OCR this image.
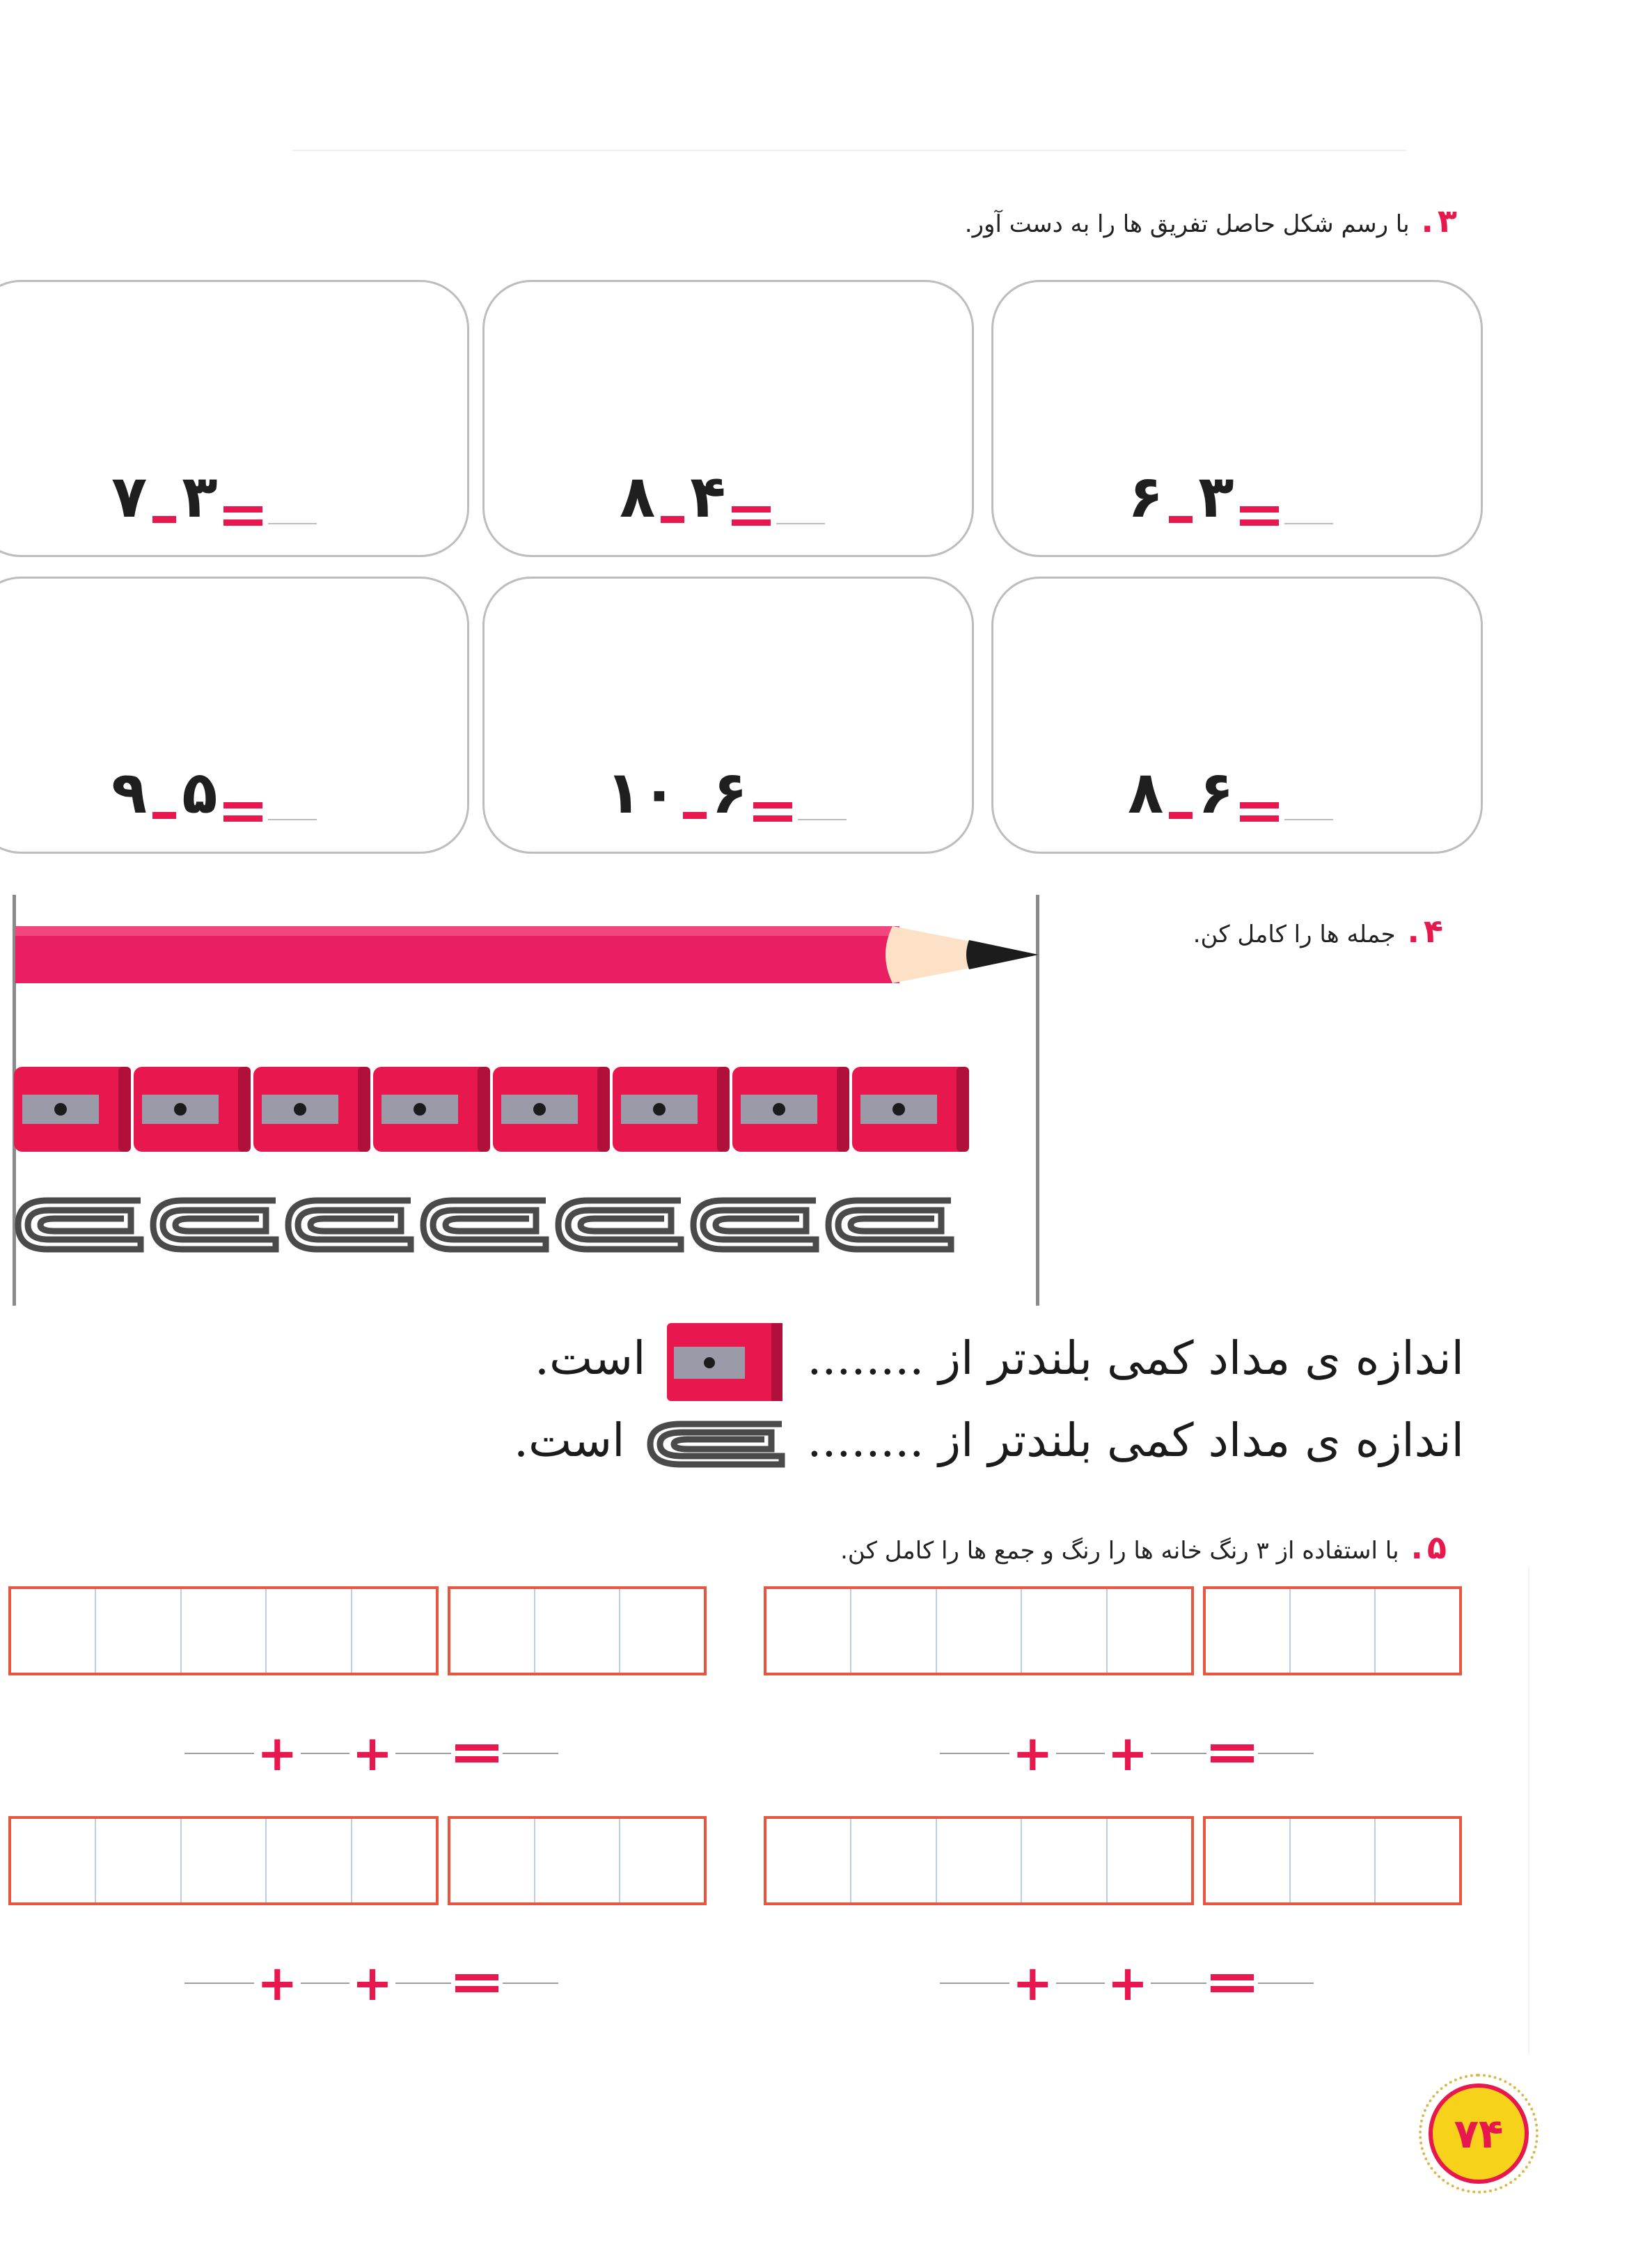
۳. با رسم شکل حاصل تفریق ها را به دست آور.
۶ ۳
۸ ۴
۷ ۳
۸ ۶
۱۰ ۶
۹ ۵
۴. جمله ها را کامل کن.
اندازه ی مداد کمی بلندتر از ........  است.
اندازه ی مداد کمی بلندتر از ........  است.
۵. با استفاده از ۳ رنگ خانه ها را رنگ و جمع ها را کامل کن.
+ +
+ +
+ +
+ +
۷۴
